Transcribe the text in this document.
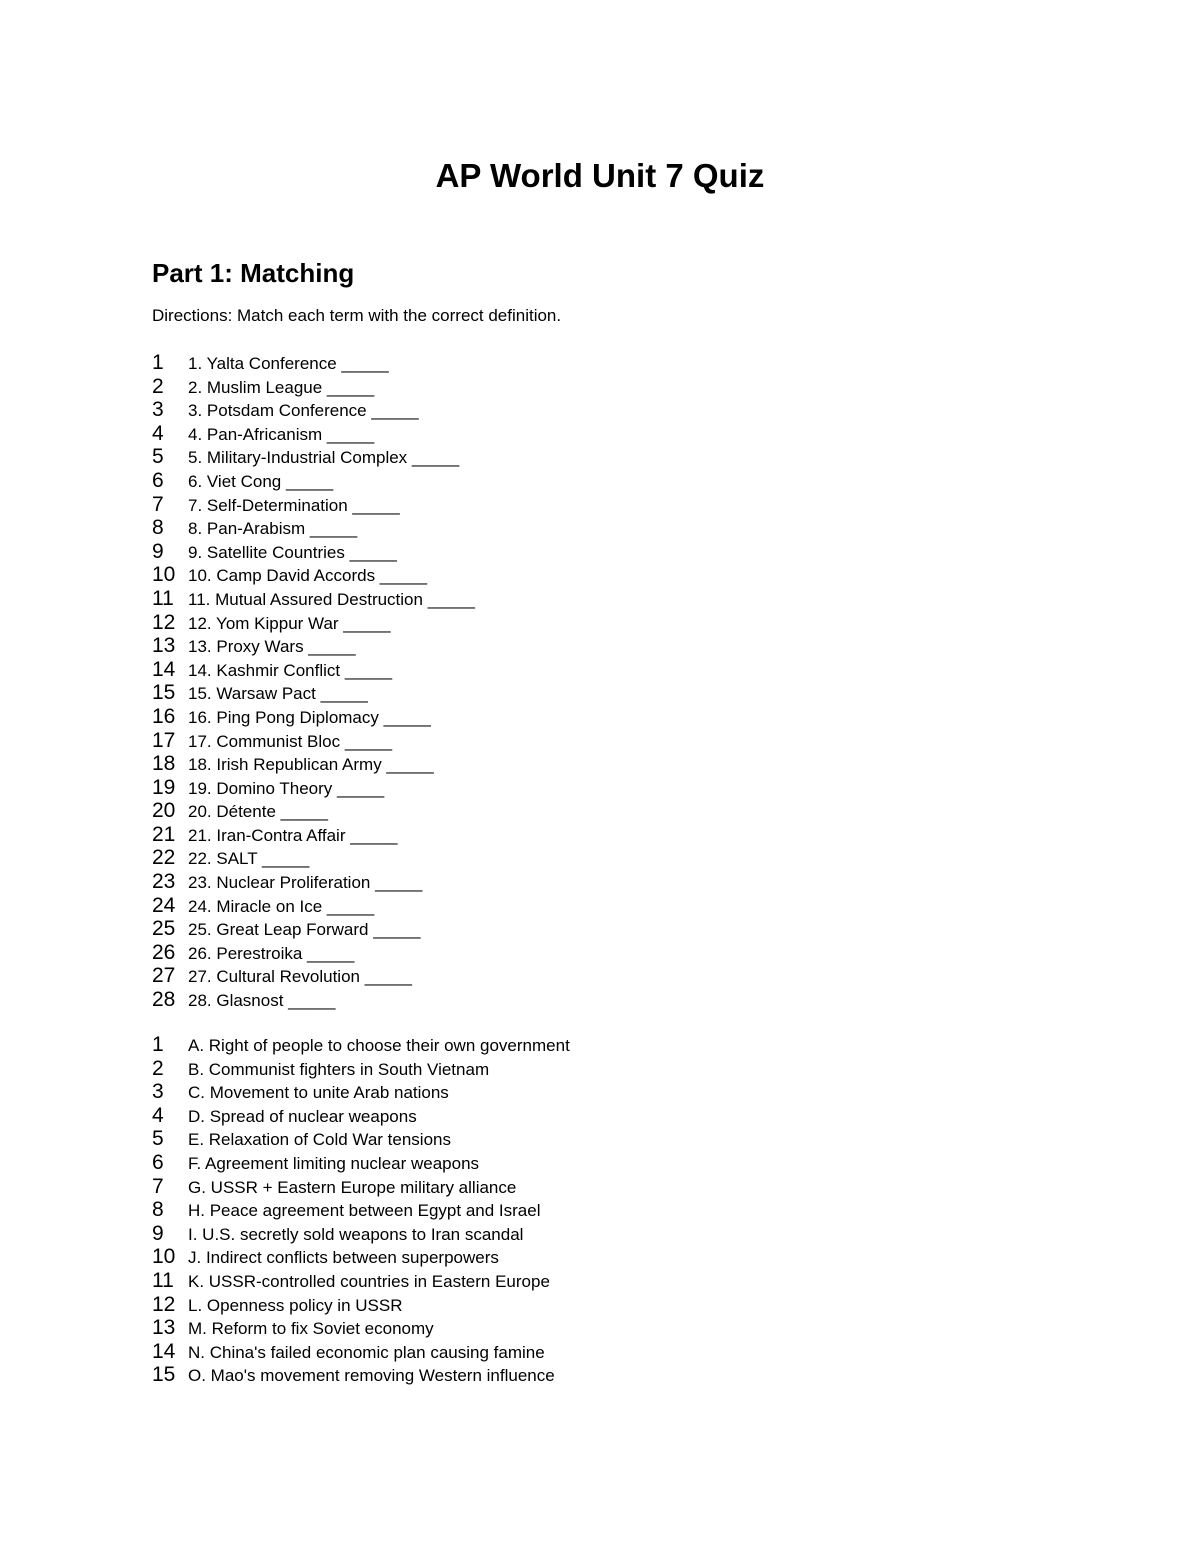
AP World Unit 7 Quiz
Part 1: Matching

Directions: Match each term with the correct definition.

1	1. Yalta Conference _____
2	2. Muslim League _____
3	3. Potsdam Conference _____
4	4. Pan-Africanism _____
5	5. Military-Industrial Complex _____
6	6. Viet Cong _____
7	7. Self-Determination _____
8	8. Pan-Arabism _____
9	9. Satellite Countries _____
10 10. Camp David Accords _____
11 11. Mutual Assured Destruction _____
12 12. Yom Kippur War _____
13 13. Proxy Wars _____
14 14. Kashmir Conflict _____
15 15. Warsaw Pact _____
16 16. Ping Pong Diplomacy _____
17 17. Communist Bloc _____
18 18. Irish Republican Army _____
19 19. Domino Theory _____
20 20. Détente _____
21 21. Iran-Contra Affair _____
22 22. SALT _____
23 23. Nuclear Proliferation _____
24 24. Miracle on Ice _____
25 25. Great Leap Forward _____
26 26. Perestroika _____
27 27. Cultural Revolution _____
28 28. Glasnost _____
1	A. Right of people to choose their own government
2	B. Communist fighters in South Vietnam
3	C. Movement to unite Arab nations
4	D. Spread of nuclear weapons
5	E. Relaxation of Cold War tensions
6	F. Agreement limiting nuclear weapons
7	G. USSR + Eastern Europe military alliance
8	H. Peace agreement between Egypt and Israel
9	I. U.S. secretly sold weapons to Iran scandal
10 J. Indirect conflicts between superpowers
11 K. USSR-controlled countries in Eastern Europe
12 L. Openness policy in USSR
13 M. Reform to fix Soviet economy
14 N. China's failed economic plan causing famine
15 O. Mao's movement removing Western influence
